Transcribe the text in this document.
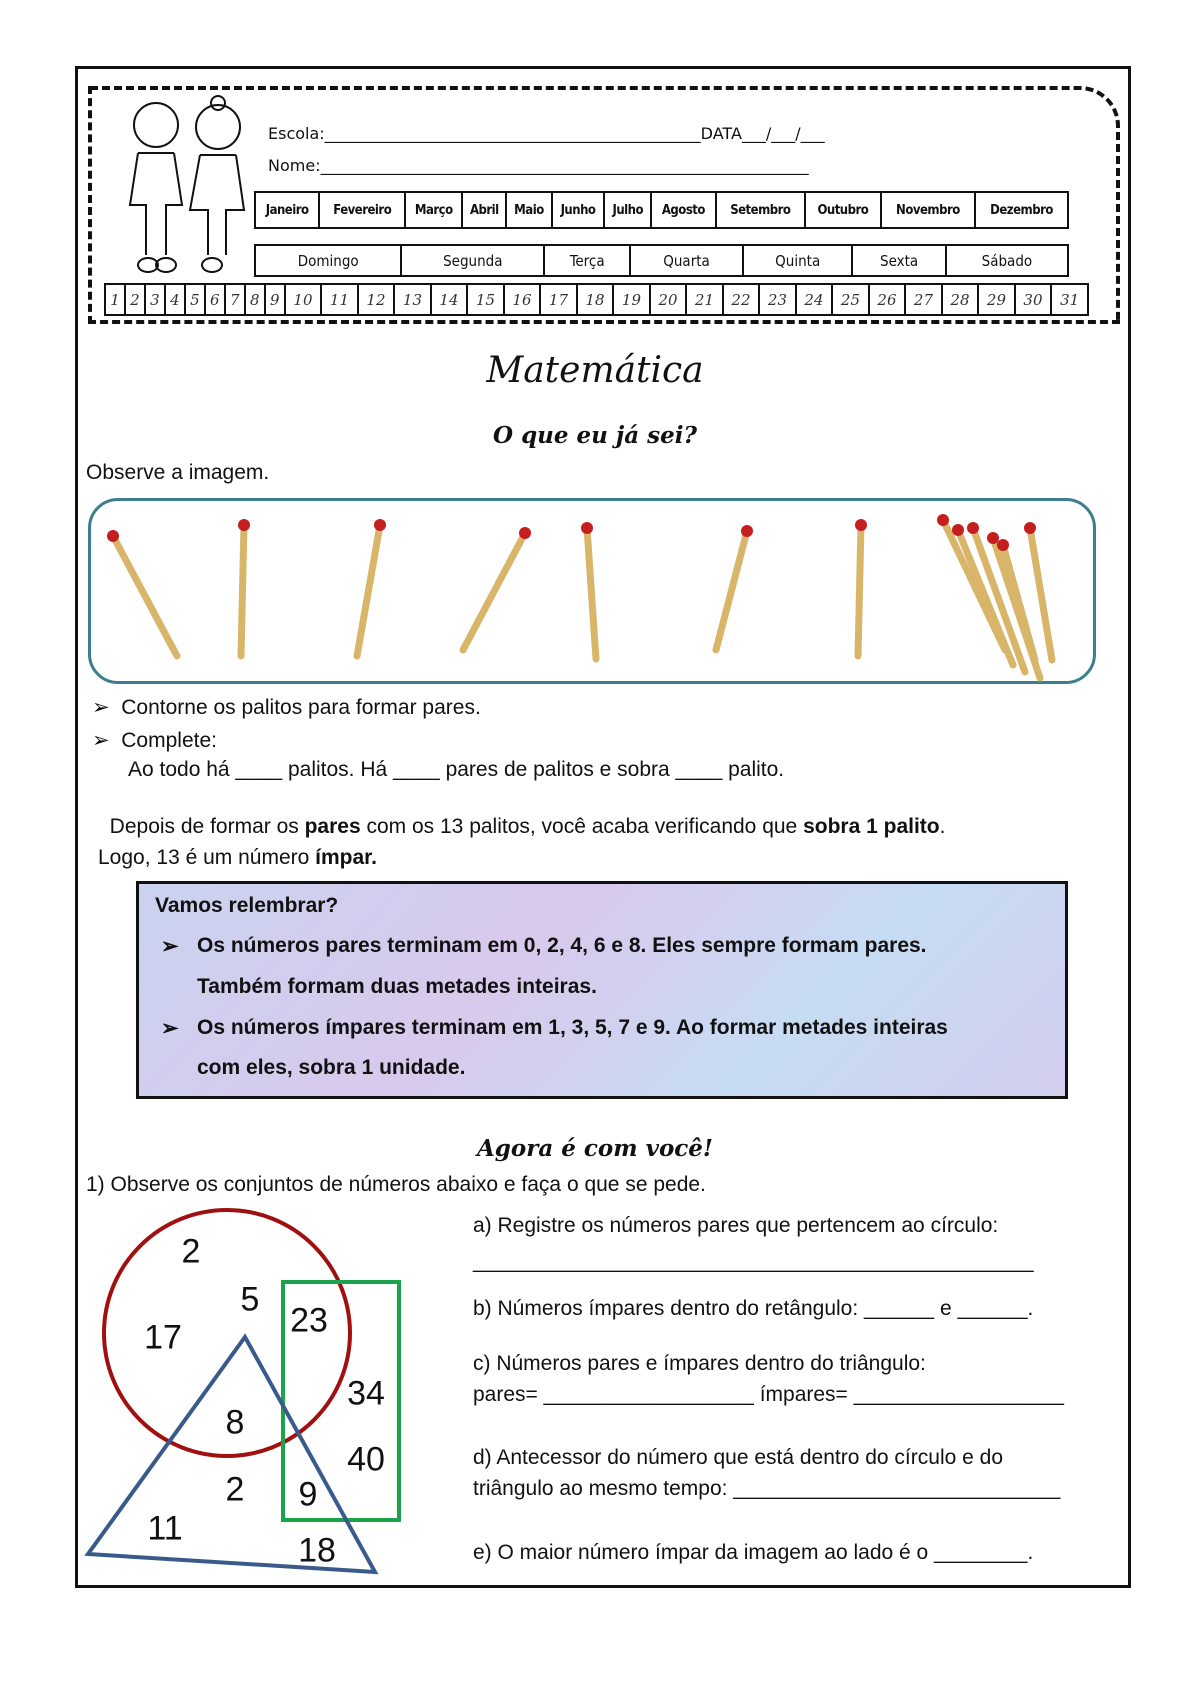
Escola:_______________________________________________DATA___/___/___
Nome:_____________________________________________________________
Janeiro	Fevereiro	Março	Abril	Maio	Junho	Julho	Agosto	Setembro	Outubro	Novembro	Dezembro
Domingo	Segunda	Terça	Quarta	Quinta	Sexta	Sábado
1	2	3	4	5	6	7	8	9	10	11	12	13	14	15	16	17	18	19	20	21	22	23	24	25	26	27	28	29	30	31
Matemática
O que eu já sei?
Observe a imagem.
➢  Contorne os palitos para formar pares.
➢  Complete:
Ao todo há ____ palitos. Há ____ pares de palitos e sobra ____ palito.
Depois de formar os pares com os 13 palitos, você acaba verificando que sobra 1 palito.
Logo, 13 é um número ímpar.
Vamos relembrar?
➢ Os números pares terminam em 0, 2, 4, 6 e 8. Eles sempre formam pares.
Também formam duas metades inteiras.
➢ Os números ímpares terminam em 1, 3, 5, 7 e 9. Ao formar metades inteiras
com eles, sobra 1 unidade.
Agora é com você!
1) Observe os conjuntos de números abaixo e faça o que se pede.
2
5
17	23
34
8
40
2 9
11
18
a) Registre os números pares que pertencem ao círculo:
________________________________________________
b) Números ímpares dentro do retângulo: ______ e ______.
c) Números pares e ímpares dentro do triângulo:
pares= __________________ ímpares= __________________
d) Antecessor do número que está dentro do círculo e do
triângulo ao mesmo tempo: ____________________________
e) O maior número ímpar da imagem ao lado é o ________.
